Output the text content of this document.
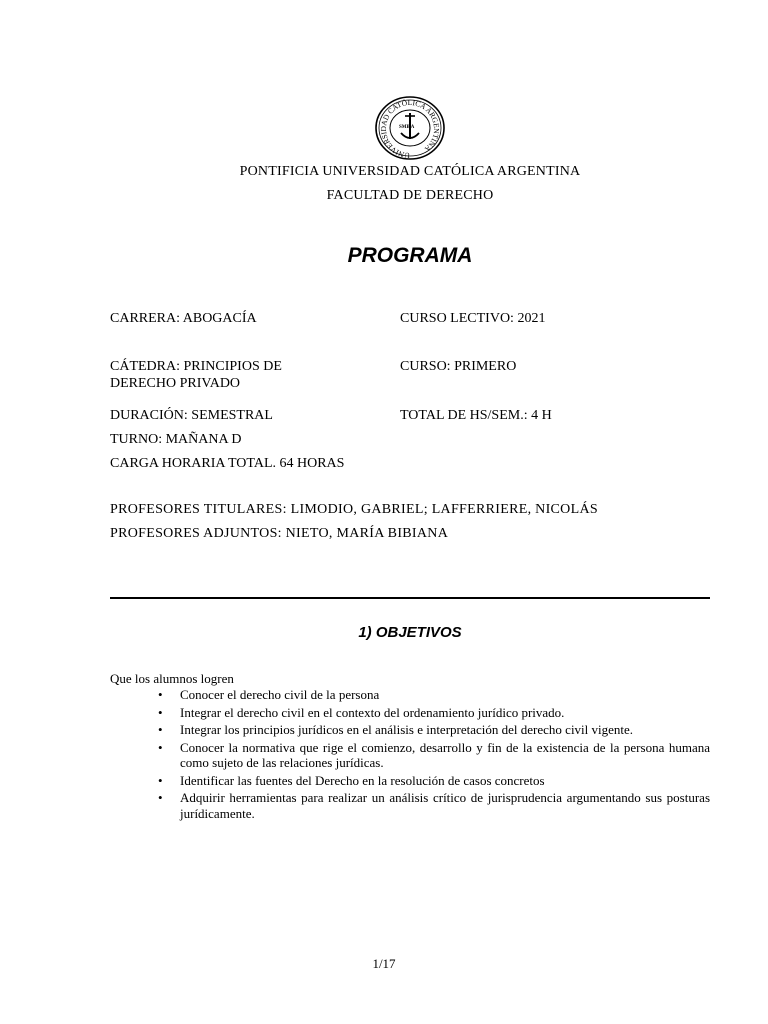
UNIVERSIDAD CATÓLICA ARGENTINA
SMB A
PONTIFICIA UNIVERSIDAD CATÓLICA ARGENTINA
FACULTAD DE DERECHO
PROGRAMA
CARRERA: ABOGACÍA	CURSO LECTIVO: 2021
CÁTEDRA: PRINCIPIOS DE
DERECHO PRIVADO
CURSO: PRIMERO
DURACIÓN: SEMESTRAL	TOTAL DE HS/SEM.: 4 H
TURNO: MAÑANA D
CARGA HORARIA TOTAL. 64 HORAS
PROFESORES TITULARES: LIMODIO, GABRIEL; LAFFERRIERE, NICOLÁS
PROFESORES ADJUNTOS: NIETO, MARÍA BIBIANA
1) OBJETIVOS
Que los alumnos logren
• Conocer el derecho civil de la persona
• Integrar el derecho civil en el contexto del ordenamiento jurídico privado.
• Integrar los principios jurídicos en el análisis e interpretación del derecho civil vigente.
• Conocer la normativa que rige el comienzo, desarrollo y fin de la existencia de la persona humana como sujeto de las relaciones jurídicas.
• Identificar las fuentes del Derecho en la resolución de casos concretos
• Adquirir herramientas para realizar un análisis crítico de jurisprudencia argumentando sus posturas jurídicamente.
1/17
